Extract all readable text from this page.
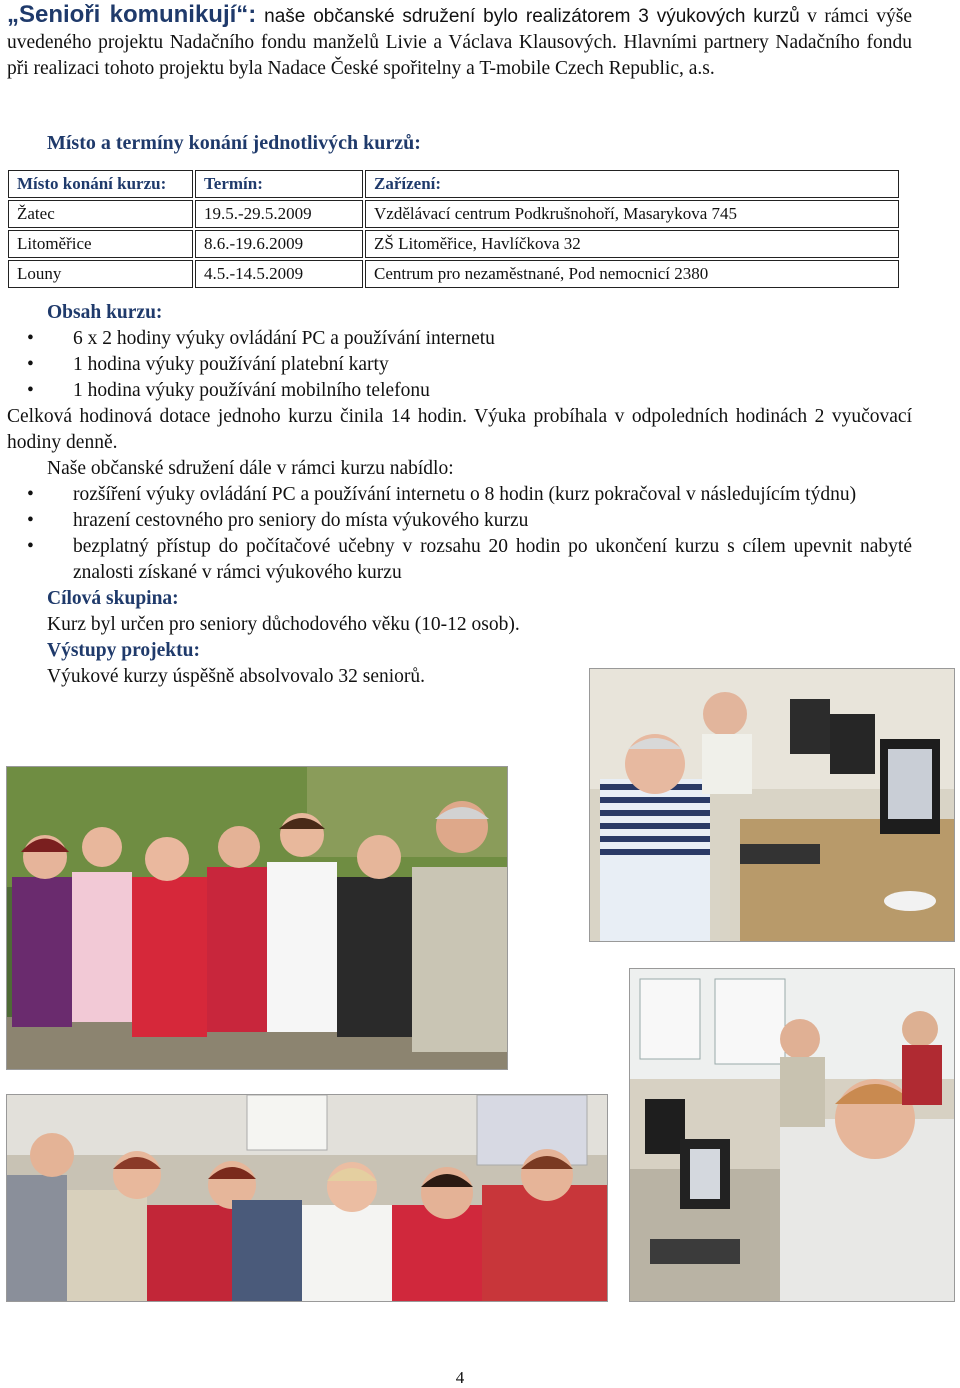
„Senioři komunikují“: naše občanské sdružení bylo realizátorem 3 výukových kurzů v rámci výše uvedeného projektu Nadačního fondu manželů Livie a Václava Klausových. Hlavními partnery Nadačního fondu při realizaci tohoto projektu byla Nadace České spořitelny a T-mobile Czech Republic, a.s.
Místo a termíny konání jednotlivých kurzů:
Místo konání kurzu:	Termín:	Zařízení:
Žatec	19.5.-29.5.2009	Vzdělávací centrum Podkrušnohoří, Masarykova 745
Litoměřice	8.6.-19.6.2009	ZŠ Litoměřice, Havlíčkova 32
Louny	4.5.-14.5.2009	Centrum pro nezaměstnané, Pod nemocnicí 2380

Obsah kurzu:

• 6 x 2 hodiny výuky ovládání PC a používání internetu
• 1 hodina výuky používání platební karty
• 1 hodina výuky používání mobilního telefonu

Celková hodinová dotace jednoho kurzu činila 14 hodin. Výuka probíhala v odpoledních hodinách 2 vyučovací hodiny denně.

Naše občanské sdružení dále v rámci kurzu nabídlo:

• rozšíření výuky ovládání PC a používání internetu o 8 hodin (kurz pokračoval v následujícím týdnu)
• hrazení cestovného pro seniory do místa výukového kurzu
• bezplatný přístup do počítačové učebny v rozsahu 20 hodin po ukončení kurzu s cílem upevnit nabyté znalosti získané v rámci výukového kurzu

Cílová skupina:

Kurz byl určen pro seniory důchodového věku (10-12 osob).

Výstupy projektu:

Výukové kurzy úspěšně absolvovalo 32 seniorů.

4
